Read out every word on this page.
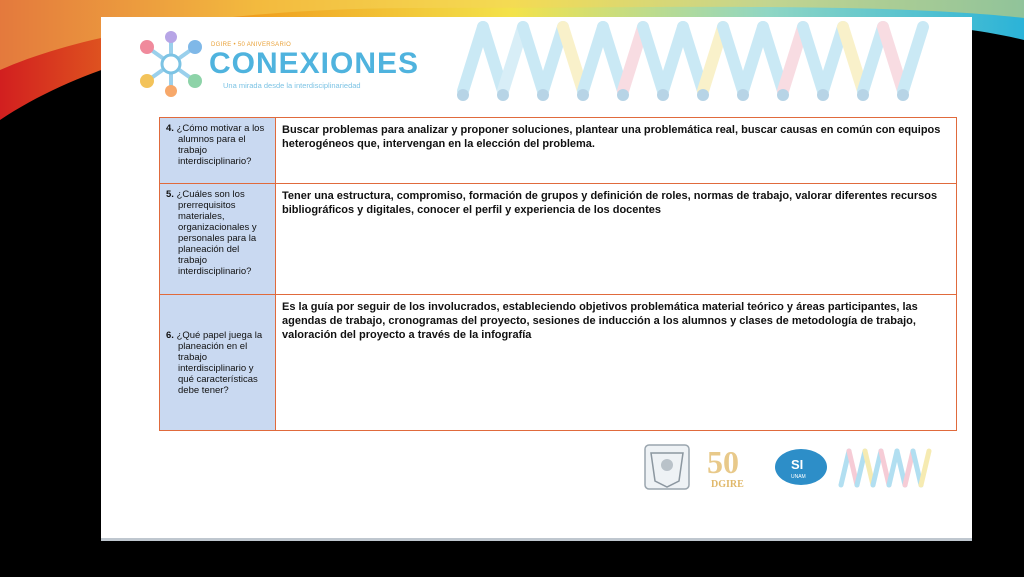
DGIRE • 50 ANIVERSARIO
CONEXIONES
Una mirada desde la interdisciplinariedad
4. ¿Cómo motivar a los alumnos para el trabajo interdisciplinario?	Buscar problemas para analizar y proponer soluciones, plantear una problemática real, buscar causas en común con equipos heterogéneos que, intervengan en la elección del problema.

5. ¿Cuáles son los prerrequisitos materiales, organizacionales y personales para la planeación del trabajo interdisciplinario?	Tener una estructura, compromiso, formación de grupos y definición de roles, normas de trabajo, valorar diferentes recursos bibliográficos y digitales, conocer el perfil y experiencia de los docentes

6. ¿Qué papel juega la planeación en el trabajo interdisciplinario y qué características debe tener?	Es la guía por seguir de los involucrados, estableciendo objetivos problemática material teórico y áreas participantes, las agendas de trabajo, cronogramas del proyecto, sesiones de inducción a los alumnos y clases de metodología de trabajo, valoración del proyecto a través de la infografía
50
DGIRE
SI
UNAM
